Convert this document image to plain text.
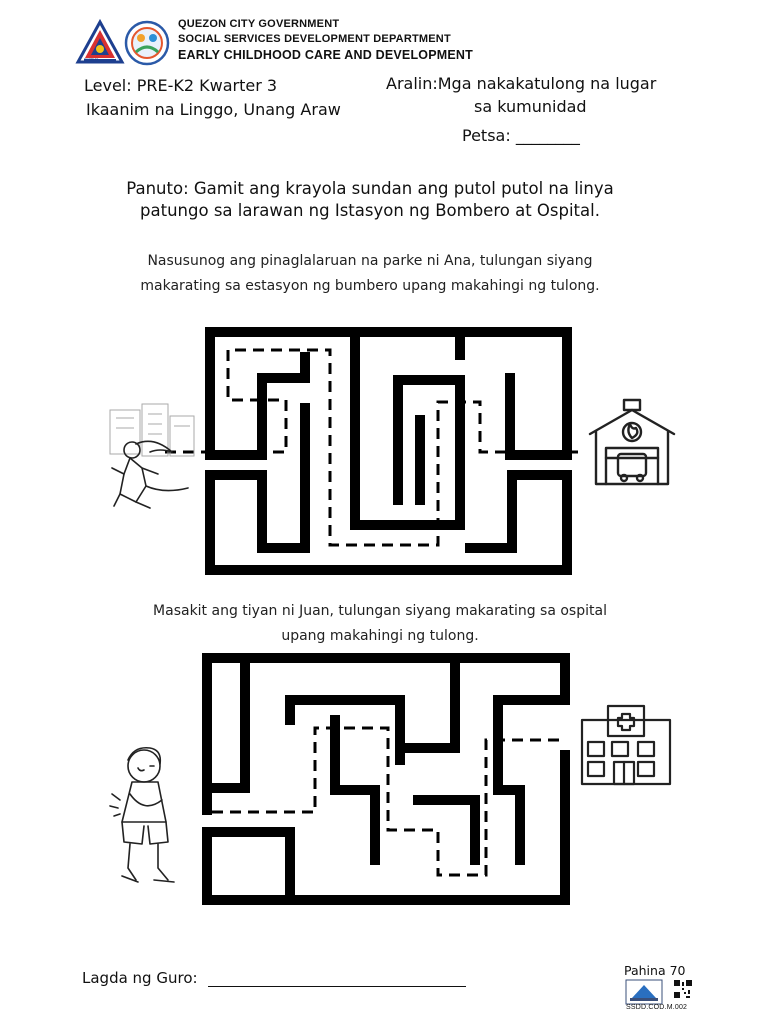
QUEZON CITY GOVERNMENT
SOCIAL SERVICES DEVELOPMENT DEPARTMENT
EARLY CHILDHOOD CARE AND DEVELOPMENT
PILIPINAS
Level: PRE-K2 Kwarter 3
Ikaanim na Linggo, Unang Araw
Aralin:Mga nakakatulong na lugar
sa kumunidad
Petsa: ________
Panuto: Gamit ang krayola sundan ang putol putol na linya
patungo sa larawan ng Istasyon ng Bombero at Ospital.
Nasusunog ang pinaglalaruan na parke ni Ana, tulungan siyang
makarating sa estasyon ng bumbero upang makahingi ng tulong.
Masakit ang tiyan ni Juan, tulungan siyang makarating sa ospital
upang makahingi ng tulong.
Lagda ng Guro:	Pahina 70
SSDD.COD.M.002
